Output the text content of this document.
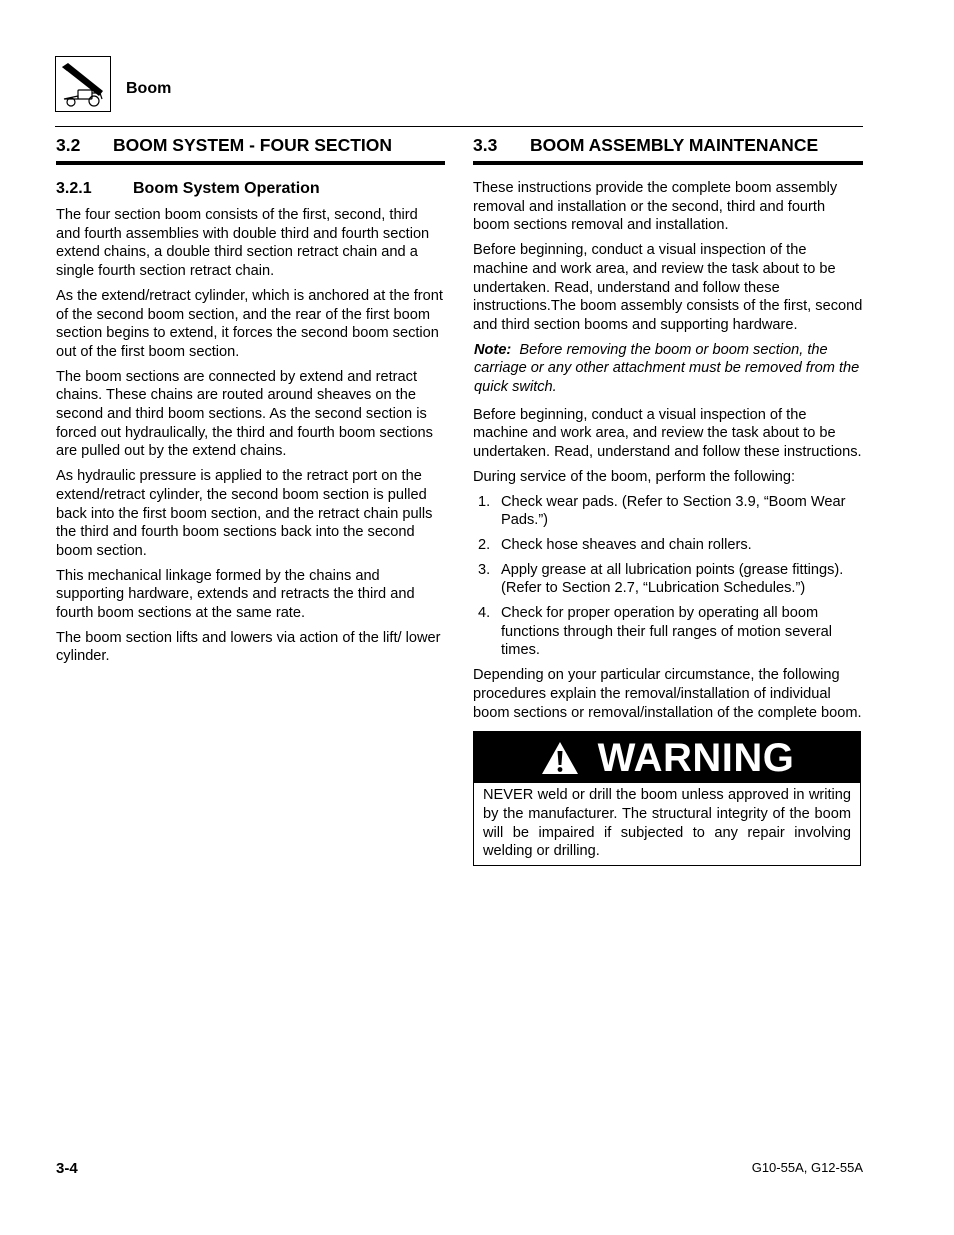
Boom
3.2 BOOM SYSTEM - FOUR SECTION
3.2.1	Boom System Operation

The four section boom consists of the first, second, third and fourth assemblies with double third and fourth section extend chains, a double third section retract chain and a single fourth section retract chain.

As the extend/retract cylinder, which is anchored at the front of the second boom section, and the rear of the first boom section begins to extend, it forces the second boom section out of the first boom section.

The boom sections are connected by extend and retract chains. These chains are routed around sheaves on the second and third boom sections. As the second section is forced out hydraulically, the third and fourth boom sections are pulled out by the extend chains.

As hydraulic pressure is applied to the retract port on the extend/retract cylinder, the second boom section is pulled back into the first boom section, and the retract chain pulls the third and fourth boom sections back into the second boom section.

This mechanical linkage formed by the chains and supporting hardware, extends and retracts the third and fourth boom sections at the same rate.

The boom section lifts and lowers via action of the lift/ lower cylinder.

3.3 BOOM ASSEMBLY MAINTENANCE

These instructions provide the complete boom assembly removal and installation or the second, third and fourth boom sections removal and installation.

Before beginning, conduct a visual inspection of the machine and work area, and review the task about to be undertaken. Read, understand and follow these instructions.The boom assembly consists of the first, second and third section booms and supporting hardware.

Note: Before removing the boom or boom section, the carriage or any other attachment must be removed from the quick switch.

Before beginning, conduct a visual inspection of the machine and work area, and review the task about to be undertaken. Read, understand and follow these instructions.

During service of the boom, perform the following:

1. Check wear pads. (Refer to Section 3.9, “Boom Wear Pads.”)
2. Check hose sheaves and chain rollers.
3. Apply grease at all lubrication points (grease fittings). (Refer to Section 2.7, “Lubrication Schedules.”)
4. Check for proper operation by operating all boom functions through their full ranges of motion several times.

Depending on your particular circumstance, the following procedures explain the removal/installation of individual boom sections or removal/installation of the complete boom.

WARNING
NEVER weld or drill the boom unless approved in writing by the manufacturer. The structural integrity of the boom will be impaired if subjected to any repair involving welding or drilling.
3-4	G10-55A, G12-55A
